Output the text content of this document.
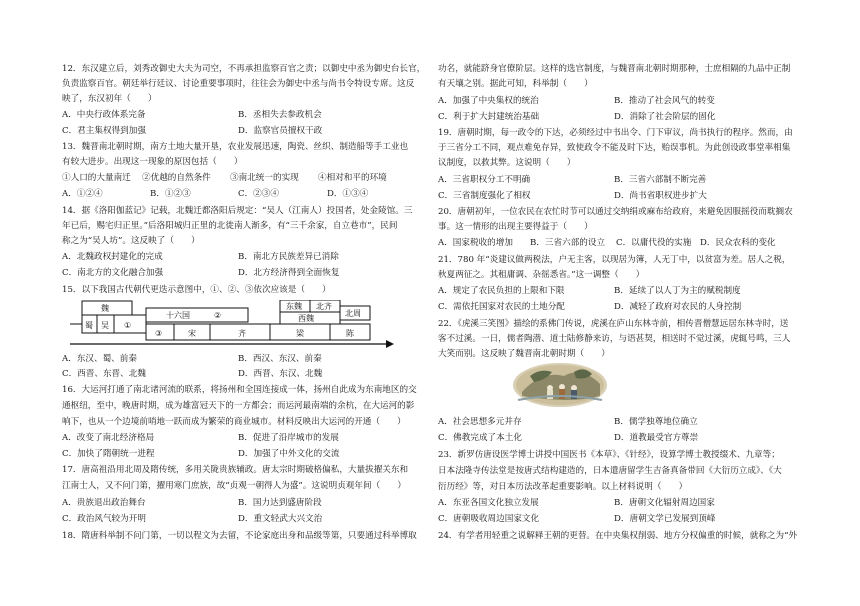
12．东汉建立后，刘秀改御史大夫为司空，不再承担监察百官之责；以御史中丞为御史台长官，
负责监察百官。朝廷举行廷议、讨论重要事项时，往往会为御史中丞与尚书令特设专席。这反
映了，东汉初年（　　）
A．中央行政体系完备	B．丞相失去参政机会
C．君主集权得到加强	D．监察官员擅权干政
13．魏晋南北朝时期，南方土地大量开垦，农业发展迅速，陶瓷、丝织、制造船等手工业也
有较大进步。出现这一现象的原因包括（　　）
①人口的大量南迁 ②优越的自然条件 ③南北统一的实现 ④相对和平的环境
A．①②④	B．①②③	C．②③④	D．①③④
14．据《洛阳伽蓝记》记载，北魏迁都洛阳后规定：“吴人（江南人）投国者，处金陵馆。三
年已后，赐宅归正里。”后洛阳城归正里的北徙南人渐多，有“三千余家，自立巷市”，民间
称之为“吴人坊”。这反映了（　　）
A．北魏政权封建化的完成	B．南北方民族差异已消除
C．南北方的文化融合加强	D．北方经济得到全面恢复
15．以下我国古代朝代更迭示意图中，①、②、③依次应该是（　　）
魏
十六国	②
东魏 北齐
西魏
北周
蜀 吴 ①
③	宋	齐	梁	陈
A．东汉、蜀、前秦	B．西汉、东汉、前秦
C．西晋、东晋、北魏	D．西晋、东汉、北魏
16．大运河打通了南北诸河流的联系，将扬州和全国连接成一体，扬州自此成为东南地区的交
通枢纽，至中，晚唐时期，成为雄富冠天下的一方都会；而运河最南端的余杭，在大运河的影
响下，也从一个边境前哨地一跃而成为繁荣的商业城市。材料反映出大运河的开通（　　）
A．改变了南北经济格局	B．促进了沿岸城市的发展
C．加快了隋朝统一进程	D．加强了中外文化的交流
17．唐高祖沿用北周及隋传统，多用关陇贵族辅政。唐太宗时期破格偏私，大量拔擢关东和
江南士人，又不问门第，擢用寒门庶族，故“贞观一朝得人为盛”。这说明贞观年间（　　）
A．贵族退出政治舞台	B．国力达到盛唐阶段
C．政治风气较为开明	D．重文轻武大兴文治
18．隋唐科举制不问门第，一切以程文为去留，不论家庭出身和品级等第，只要通过科举博取
功名，就能跻身官僚阶层。这样的选官制度，与魏晋南北朝时期那种，士庶相隔的九品中正制
有天壤之别。据此可知，科举制（　　）
A．加强了中央集权的统治	B．推动了社会风气的转变
C．利于扩大封建统治基础	D．消除了社会阶层的固化
19．唐朝时期，每一政令的下达，必须经过中书出令、门下审议，尚书执行的程序。然而，由
于三省分工不同，观点难免存异，致使政令不能及时下达，贻误事机。为此创设政事堂率相集
议制度，以救其弊。这说明（　　）
A．三省职权分工不明确	B．三省六部制不断完善
C．三省制度强化了相权	D．尚书省职权进步扩大
20．唐朝初年，一位农民在农忙时节可以通过交纳绢或麻布给政府，来避免因服摇役而耽搁农
事。这一情形的出现主要得益于（　　）
A．国家税收的增加 B．三省六部的设立 C．以庸代役的实施 D．民众农科的变化
21．780 年“炎建议做两税法，户无主客，以现居为簿，人无丁中，以贫富为差。居人之税，
秋夏两征之。其租庸调、杂徭悉省。”这一调整（　　）
A．规定了农民负担的上限和下限	B．延续了以人丁为主的赋税制度
C．需依托国家对农民的土地分配	D．减轻了政府对农民的人身控制
22．《虎溪三笑图》描绘的系佛门传说，虎溪在庐山东林寺前，相传晋僧慧远居东林寺时，送
客不过溪。一日，儒者陶潜、道士陆修静来访，与语甚契，相送时不觉过溪，虎辄号鸣，三人
大笑而别。这反映了魏晋南北朝时期（　　）
A．社会思想多元并存	B．儒学独尊地位确立
C．佛教完成了本土化	D．道教最受官方尊崇
23．新罗仿唐设医学博士讲授中国医书《本草》、《针经》，设算学博士教授缀术、九章等；
日本法隆寺传法堂是按唐式结构建造的，日本遣唐留学生吉备真备带回《大衍历立成》、《大
衍历经》等，对日本历法改革起重要影响。以上材料说明（　　）
A．东亚各国文化独立发展	B．唐朝文化辐射周边国家
C．唐朝吸收周边国家文化	D．唐朝文学已发展到顶峰
24．有学者用轻重之说解释王朝的更替。在中央集权削弱、地方分权偏重的时候，就称之为“外
